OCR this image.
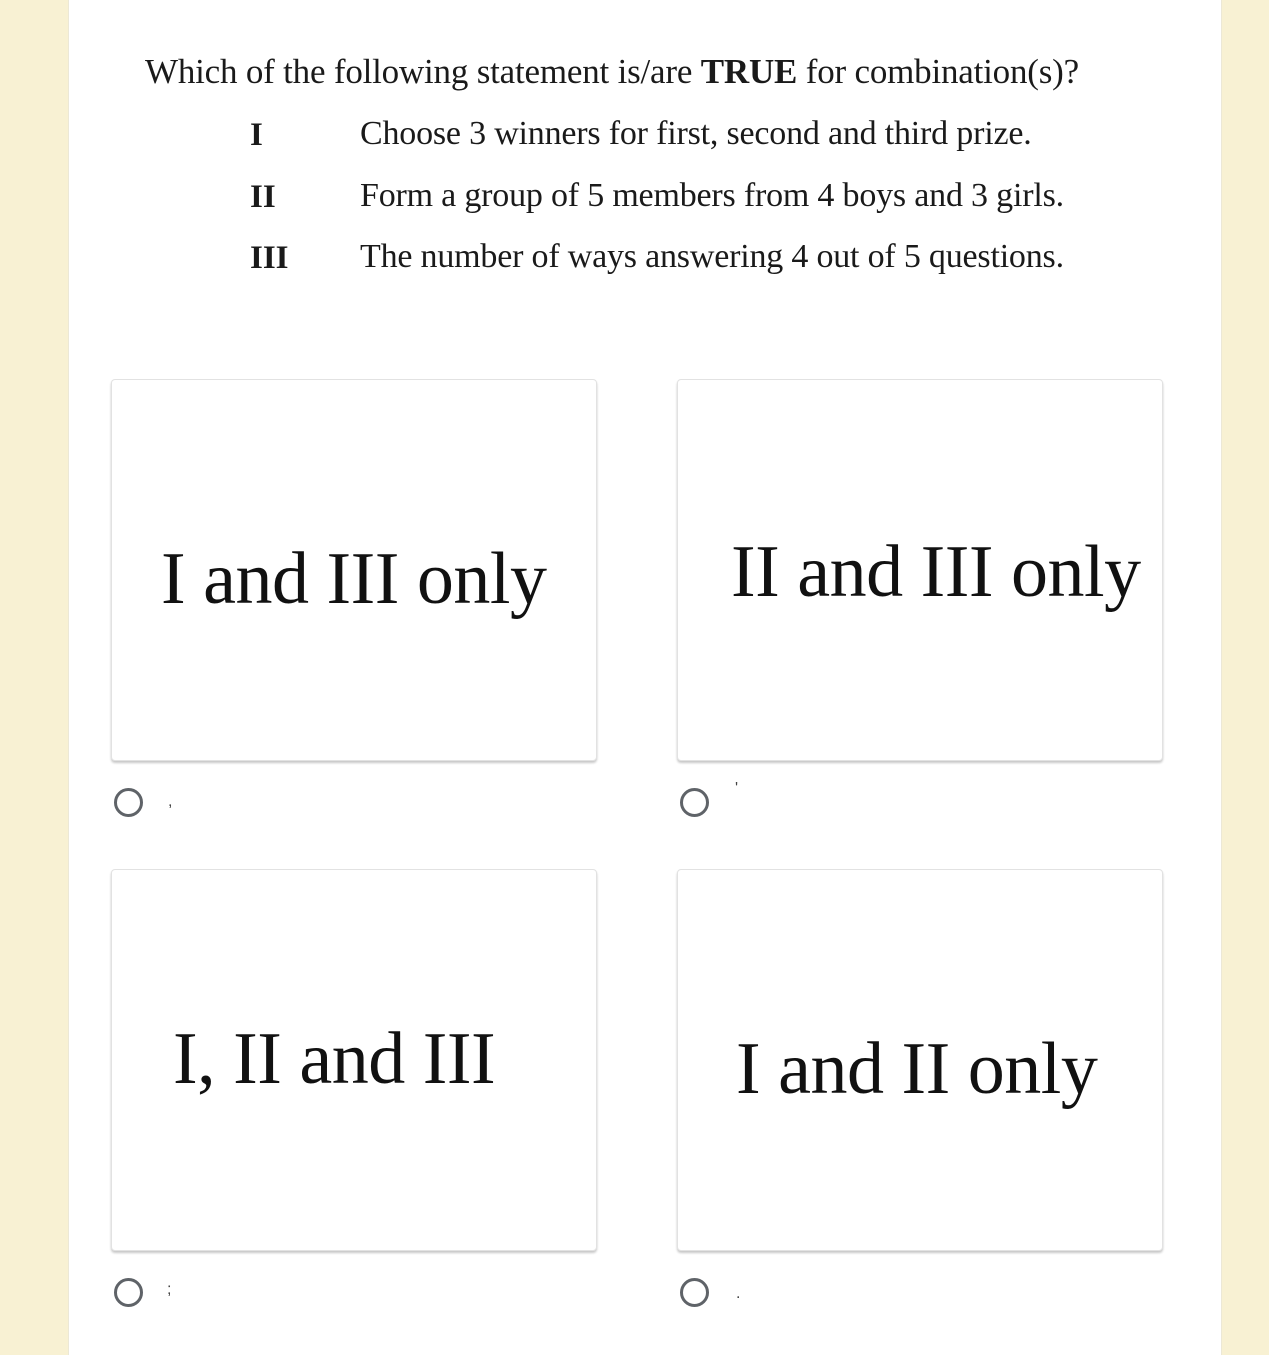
Which of the following statement is/are TRUE for combination(s)?
I	Choose 3 winners for first, second and third prize.
II Form a group of 5 members from 4 boys and 3 girls.
III The number of ways answering 4 out of 5 questions.
I and III only
,
II and III only
'
I, II and III
;
I and II only
.
